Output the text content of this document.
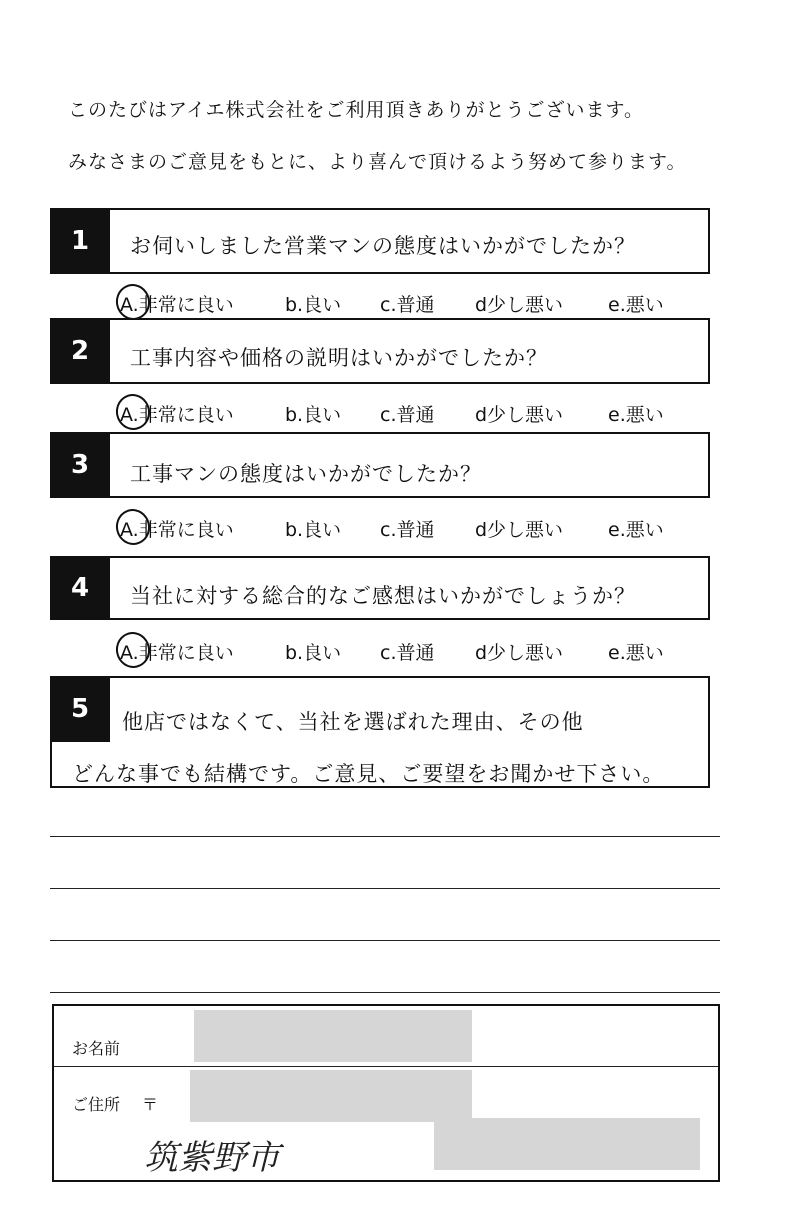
このたびはアイエ株式会社をご利用頂きありがとうございます。
みなさまのご意見をもとに、より喜んで頂けるよう努めて参ります。
1	お伺いしました営業マンの態度はいかがでしたか？
A.非常に良い	b.良い c.普通 d少し悪い e.悪い
2	工事内容や価格の説明はいかがでしたか？
A.非常に良い	b.良い c.普通 d少し悪い e.悪い
3	工事マンの態度はいかがでしたか？
A.非常に良い	b.良い c.普通 d少し悪い e.悪い
4	当社に対する総合的なご感想はいかがでしょうか？
A.非常に良い	b.良い c.普通 d少し悪い e.悪い
5	他店ではなくて、当社を選ばれた理由、その他
どんな事でも結構です。ご意見、ご要望をお聞かせ下さい。
お名前
ご住所 〒
筑紫野市
